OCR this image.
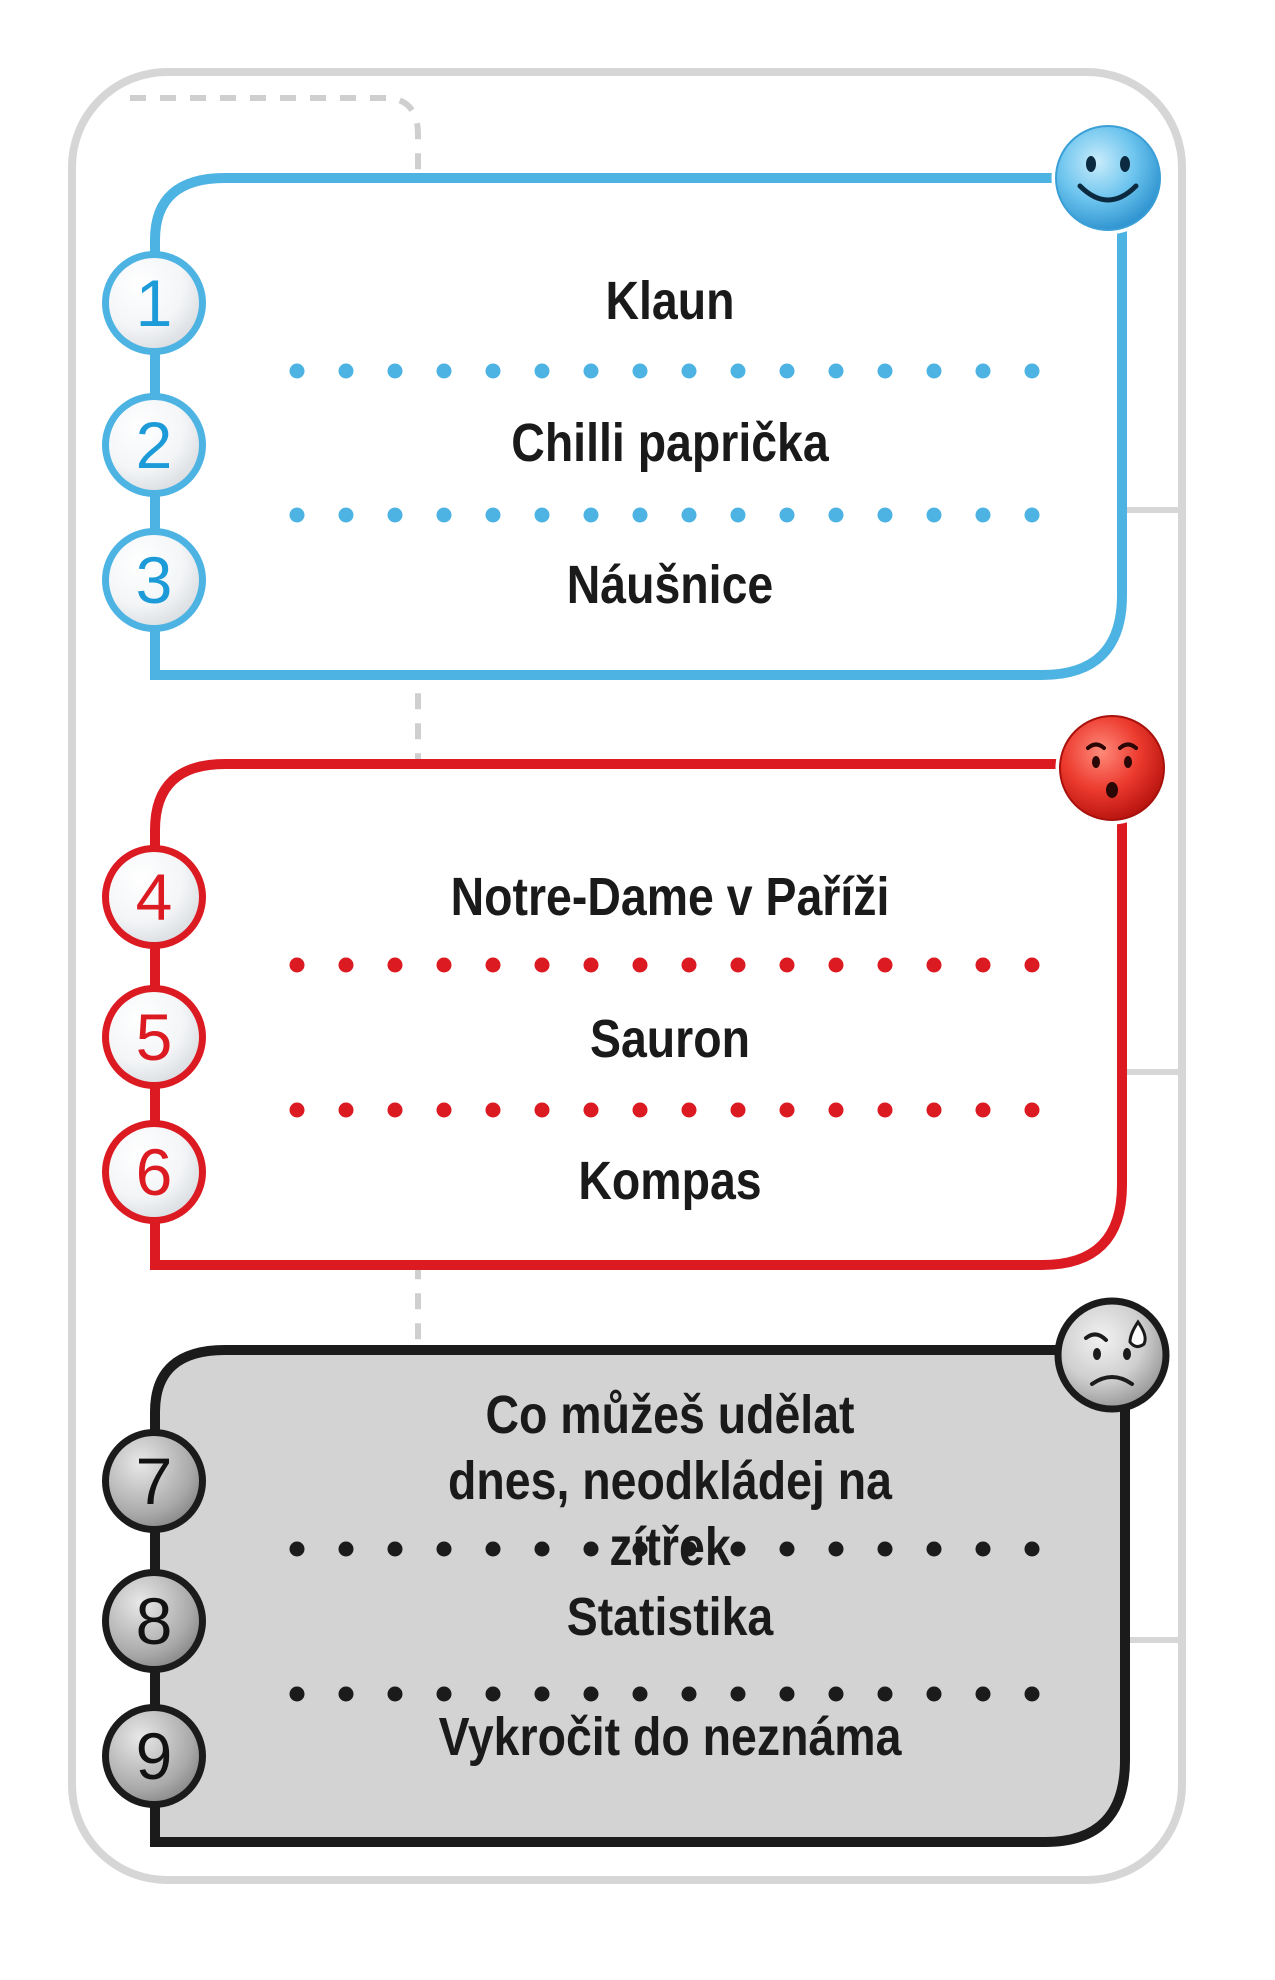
1
2
3
4
5
6
7
8
9
Klaun
Chilli paprička
Náušnice
Notre-Dame v Paříži
Sauron
Kompas
Co můžeš udělat dnes, neodkládej na zítřek
Statistika
Vykročit do neznáma
